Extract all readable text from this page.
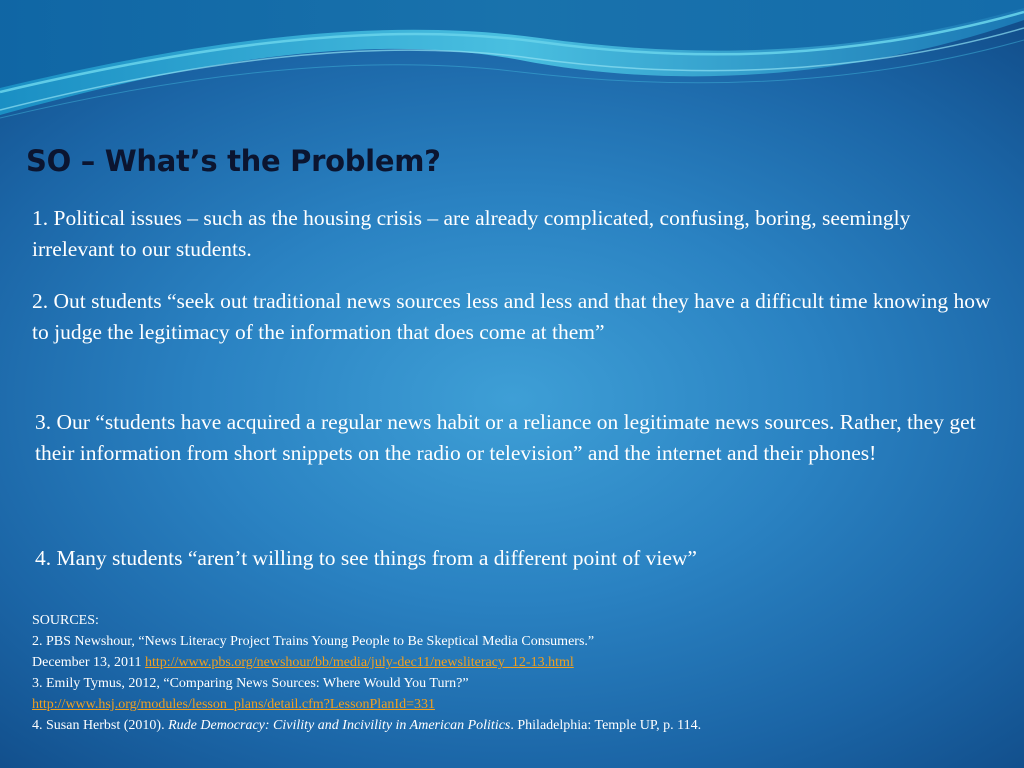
SO – What’s the Problem?

1. Political issues – such as the housing crisis – are already complicated, confusing, boring, seemingly irrelevant to our students.

2. Out students “seek out traditional news sources less and less and that they have a difficult time knowing how to judge the legitimacy of the information that does come at them”

3. Our “students have acquired a regular news habit or a reliance on legitimate news sources. Rather, they get their information from short snippets on the radio or television” and the internet and their phones!

4. Many students “aren’t willing to see things from a different point of view”

SOURCES:
2. PBS Newshour, “News Literacy Project Trains Young People to Be Skeptical Media Consumers.”
December 13, 2011 http://www.pbs.org/newshour/bb/media/july-dec11/newsliteracy_12-13.html
3. Emily Tymus, 2012, “Comparing News Sources: Where Would You Turn?”
http://www.hsj.org/modules/lesson_plans/detail.cfm?LessonPlanId=331
4. Susan Herbst (2010). Rude Democracy: Civility and Incivility in American Politics. Philadelphia: Temple UP, p. 114.
